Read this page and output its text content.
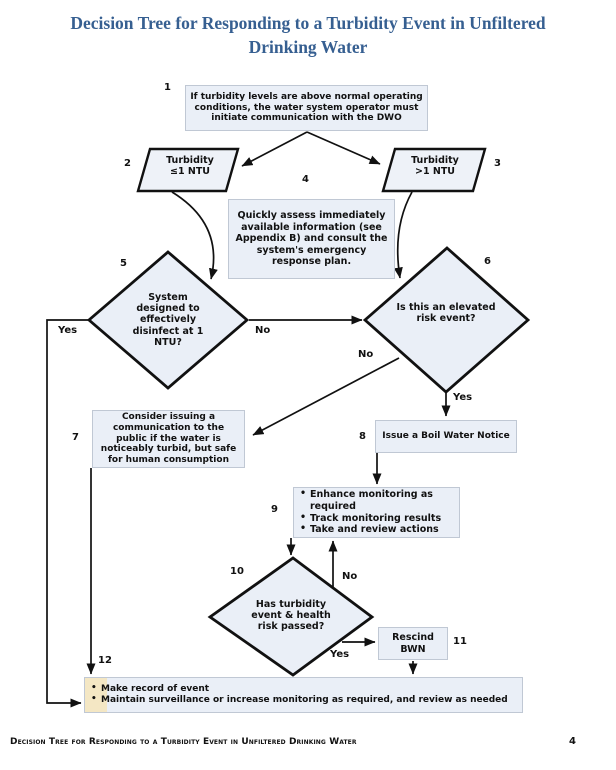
Decision Tree for Responding to a Turbidity Event in Unfiltered Drinking Water
If turbidity levels are above normal operating conditions, the water system operator must initiate communication with the DWO
Quickly assess immediately available information (see Appendix B) and consult the system's emergency response plan.
Consider issuing a communication to the public if the water is noticeably turbid, but safe for human consumption
Issue a Boil Water Notice
• Enhance monitoring as required
• Track monitoring results
• Take and review actions
Rescind BWN
• Make record of event
• Maintain surveillance or increase monitoring as required, and review as needed
Turbidity
≤1 NTU
Turbidity
>1 NTU
System designed to effectively disinfect at 1 NTU?
Is this an elevated risk event?
Has turbidity event & health risk passed?
1
2	3
4
5	6
7	8
9
10
11
12
Yes	No
No
Yes
No
Yes
Decision Tree for Responding to a Turbidity Event in Unfiltered Drinking Water	4
